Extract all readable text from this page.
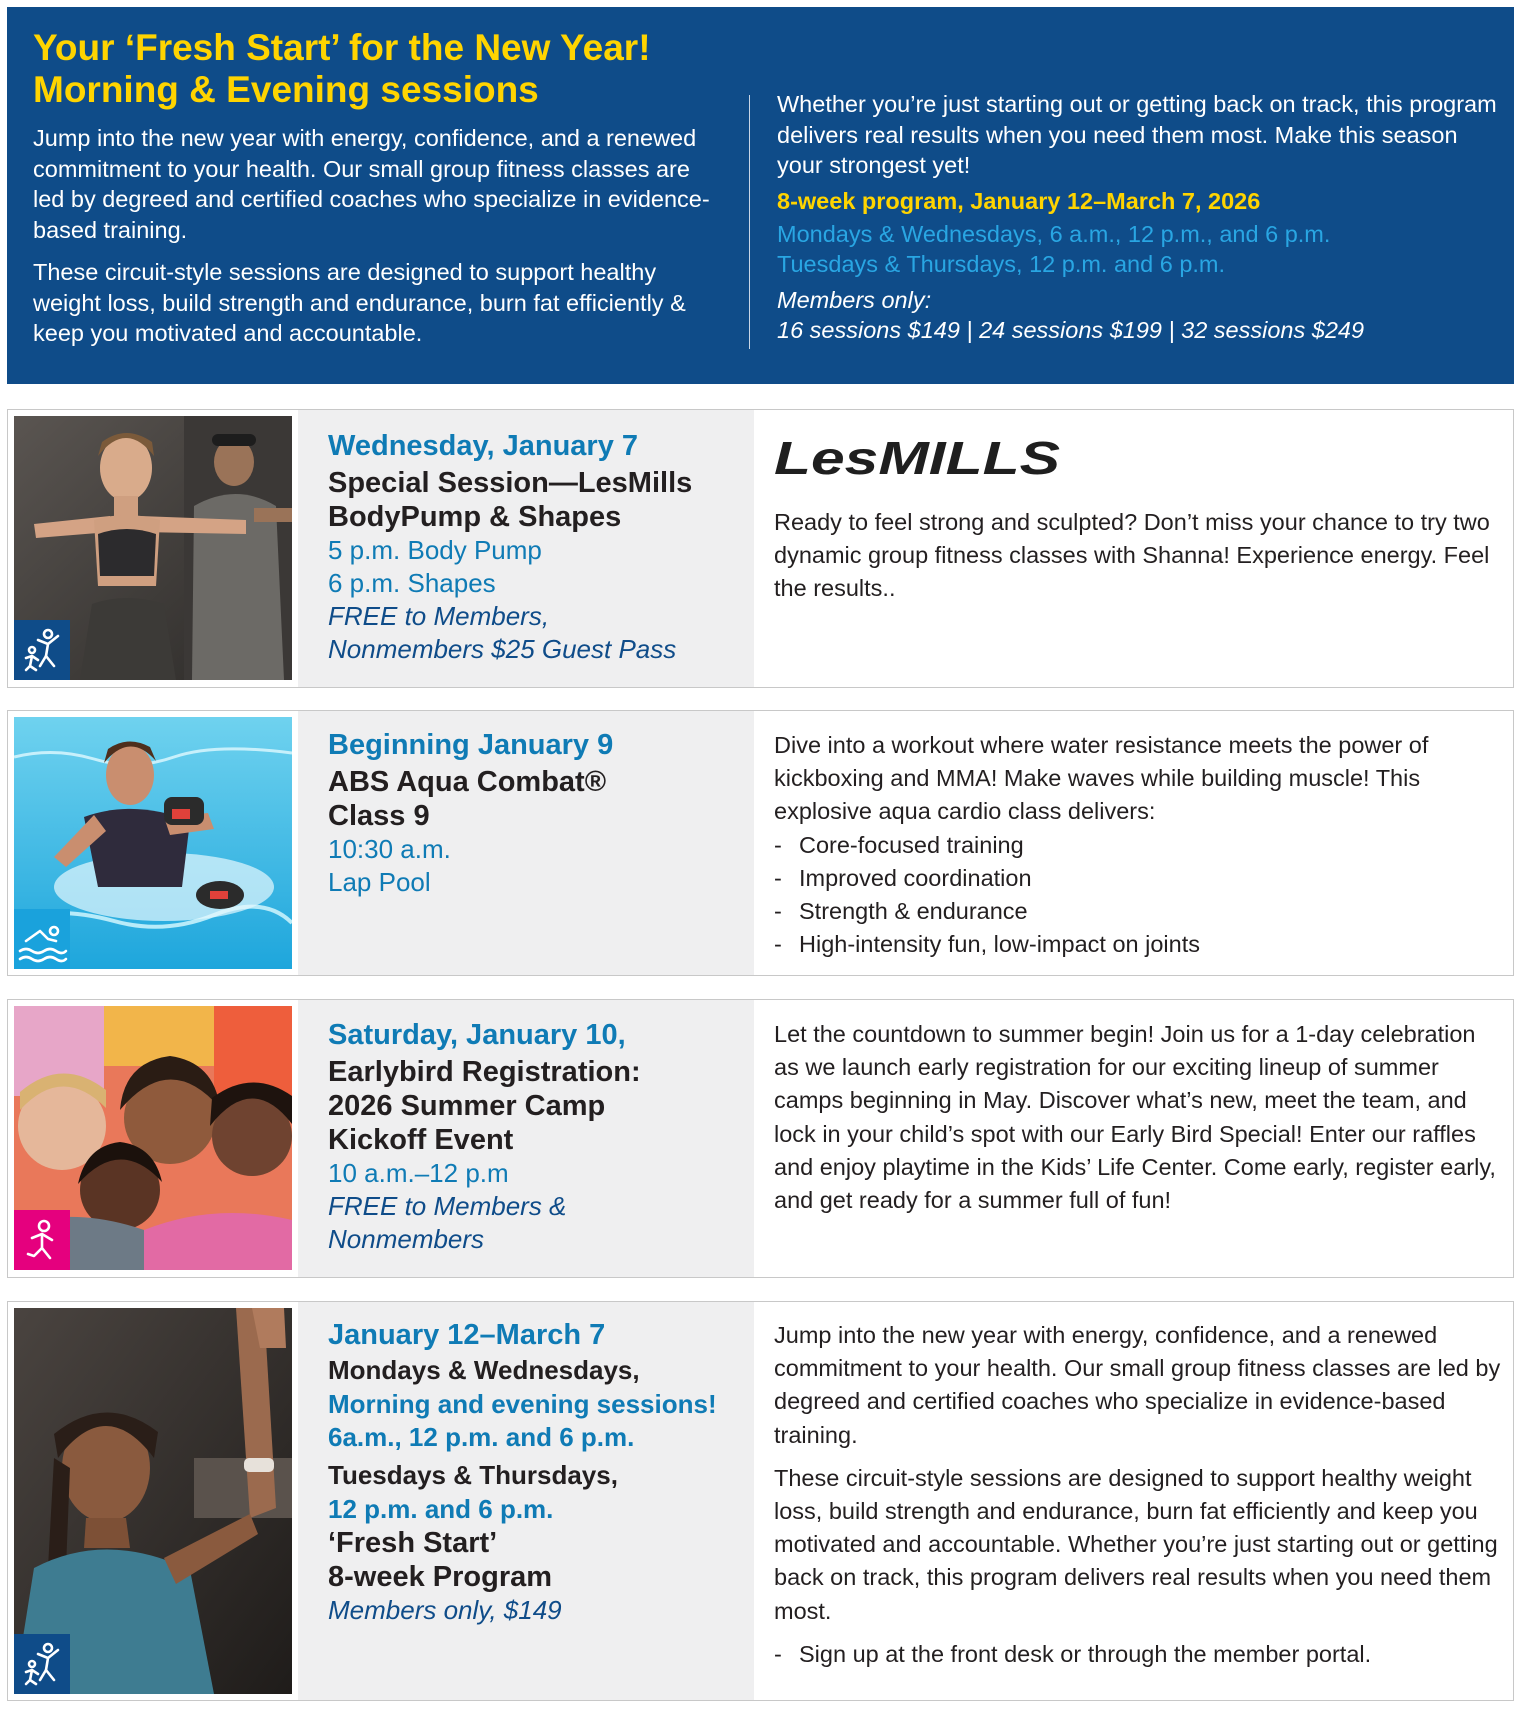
Your ‘Fresh Start’ for the New Year!
Morning & Evening sessions

Jump into the new year with energy, confidence, and a renewed commitment to your health. Our small group fitness classes are led by degreed and certified coaches who specialize in evidence-based training.

These circuit-style sessions are designed to support healthy weight loss, build strength and endurance, burn fat efficiently & keep you motivated and accountable.

Whether you’re just starting out or getting back on track, this program delivers real results when you need them most. Make this season your strongest yet!

8-week program, January 12–March 7, 2026

Mondays & Wednesdays, 6 a.m., 12 p.m., and 6 p.m.
Tuesdays & Thursdays, 12 p.m. and 6 p.m.
Members only:
16 sessions $149 | 24 sessions $199 | 32 sessions $249
Wednesday, January 7
Special Session—LesMills
BodyPump & Shapes
5 p.m. Body Pump
6 p.m. Shapes
FREE to Members,
Nonmembers $25 Guest Pass
LesMILLS

Ready to feel strong and sculpted? Don’t miss your chance to try two dynamic group fitness classes with Shanna! Experience energy. Feel the results..

Beginning January 9
ABS Aqua Combat®
Class 9
10:30 a.m.
Lap Pool

Dive into a workout where water resistance meets the power of kickboxing and MMA! Make waves while building muscle! This explosive aqua cardio class delivers:

- Core-focused training
- Improved coordination
- Strength & endurance
- High-intensity fun, low-impact on joints
Saturday, January 10,
Earlybird Registration:
2026 Summer Camp
Kickoff Event
10 a.m.–12 p.m
FREE to Members &
Nonmembers

Let the countdown to summer begin! Join us for a 1-day celebration as we launch early registration for our exciting lineup of summer camps beginning in May. Discover what’s new, meet the team, and lock in your child’s spot with our Early Bird Special! Enter our raffles and enjoy playtime in the Kids’ Life Center. Come early, register early, and get ready for a summer full of fun!

January 12–March 7
Mondays & Wednesdays,
Morning and evening sessions!
6a.m., 12 p.m. and 6 p.m.
Tuesdays & Thursdays,
12 p.m. and 6 p.m.
‘Fresh Start’
8-week Program
Members only, $149

Jump into the new year with energy, confidence, and a renewed commitment to your health. Our small group fitness classes are led by degreed and certified coaches who specialize in evidence-based training.

These circuit-style sessions are designed to support healthy weight loss, build strength and endurance, burn fat efficiently and keep you motivated and accountable. Whether you’re just starting out or getting back on track, this program delivers real results when you need them most.

- Sign up at the front desk or through the member portal.
